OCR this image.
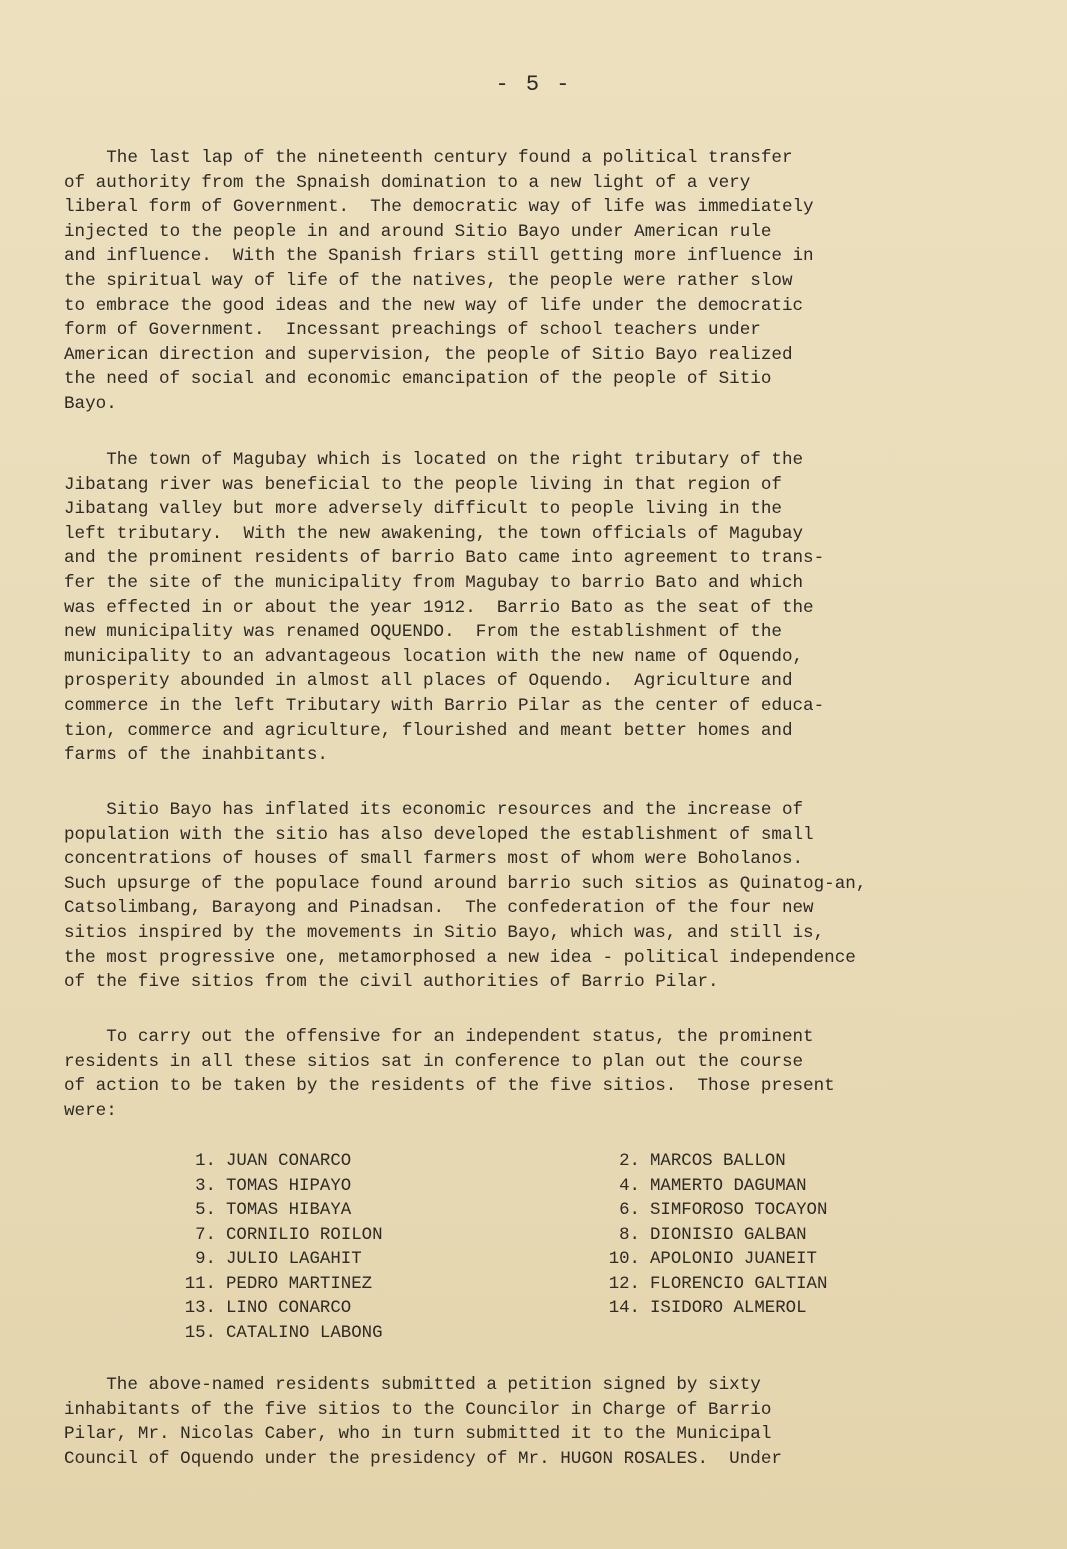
- 5 -
The last lap of the nineteenth century found a political transfer
of authority from the Spnaish domination to a new light of a very
liberal form of Government.  The democratic way of life was immediately
injected to the people in and around Sitio Bayo under American rule
and influence.  With the Spanish friars still getting more influence in
the spiritual way of life of the natives, the people were rather slow
to embrace the good ideas and the new way of life under the democratic
form of Government.  Incessant preachings of school teachers under
American direction and supervision, the people of Sitio Bayo realized
the need of social and economic emancipation of the people of Sitio
Bayo.
The town of Magubay which is located on the right tributary of the
Jibatang river was beneficial to the people living in that region of
Jibatang valley but more adversely difficult to people living in the
left tributary.  With the new awakening, the town officials of Magubay
and the prominent residents of barrio Bato came into agreement to trans-
fer the site of the municipality from Magubay to barrio Bato and which
was effected in or about the year 1912.  Barrio Bato as the seat of the
new municipality was renamed OQUENDO.  From the establishment of the
municipality to an advantageous location with the new name of Oquendo,
prosperity abounded in almost all places of Oquendo.  Agriculture and
commerce in the left Tributary with Barrio Pilar as the center of educa-
tion, commerce and agriculture, flourished and meant better homes and
farms of the inahbitants.
Sitio Bayo has inflated its economic resources and the increase of
population with the sitio has also developed the establishment of small
concentrations of houses of small farmers most of whom were Boholanos.
Such upsurge of the populace found around barrio such sitios as Quinatog-an,
Catsolimbang, Barayong and Pinadsan.  The confederation of the four new
sitios inspired by the movements in Sitio Bayo, which was, and still is,
the most progressive one, metamorphosed a new idea - political independence
of the five sitios from the civil authorities of Barrio Pilar.
To carry out the offensive for an independent status, the prominent
residents in all these sitios sat in conference to plan out the course
of action to be taken by the residents of the five sitios.  Those present
were:
1. JUAN CONARCO
3. TOMAS HIPAYO
5. TOMAS HIBAYA
7. CORNILIO ROILON
9. JULIO LAGAHIT
11. PEDRO MARTINEZ
13. LINO CONARCO
15. CATALINO LABONG
2. MARCOS BALLON
4. MAMERTO DAGUMAN
6. SIMFOROSO TOCAYON
8. DIONISIO GALBAN
10. APOLONIO JUANEIT
12. FLORENCIO GALTIAN
14. ISIDORO ALMEROL
The above-named residents submitted a petition signed by sixty
inhabitants of the five sitios to the Councilor in Charge of Barrio
Pilar, Mr. Nicolas Caber, who in turn submitted it to the Municipal
Council of Oquendo under the presidency of Mr. HUGON ROSALES.  Under
